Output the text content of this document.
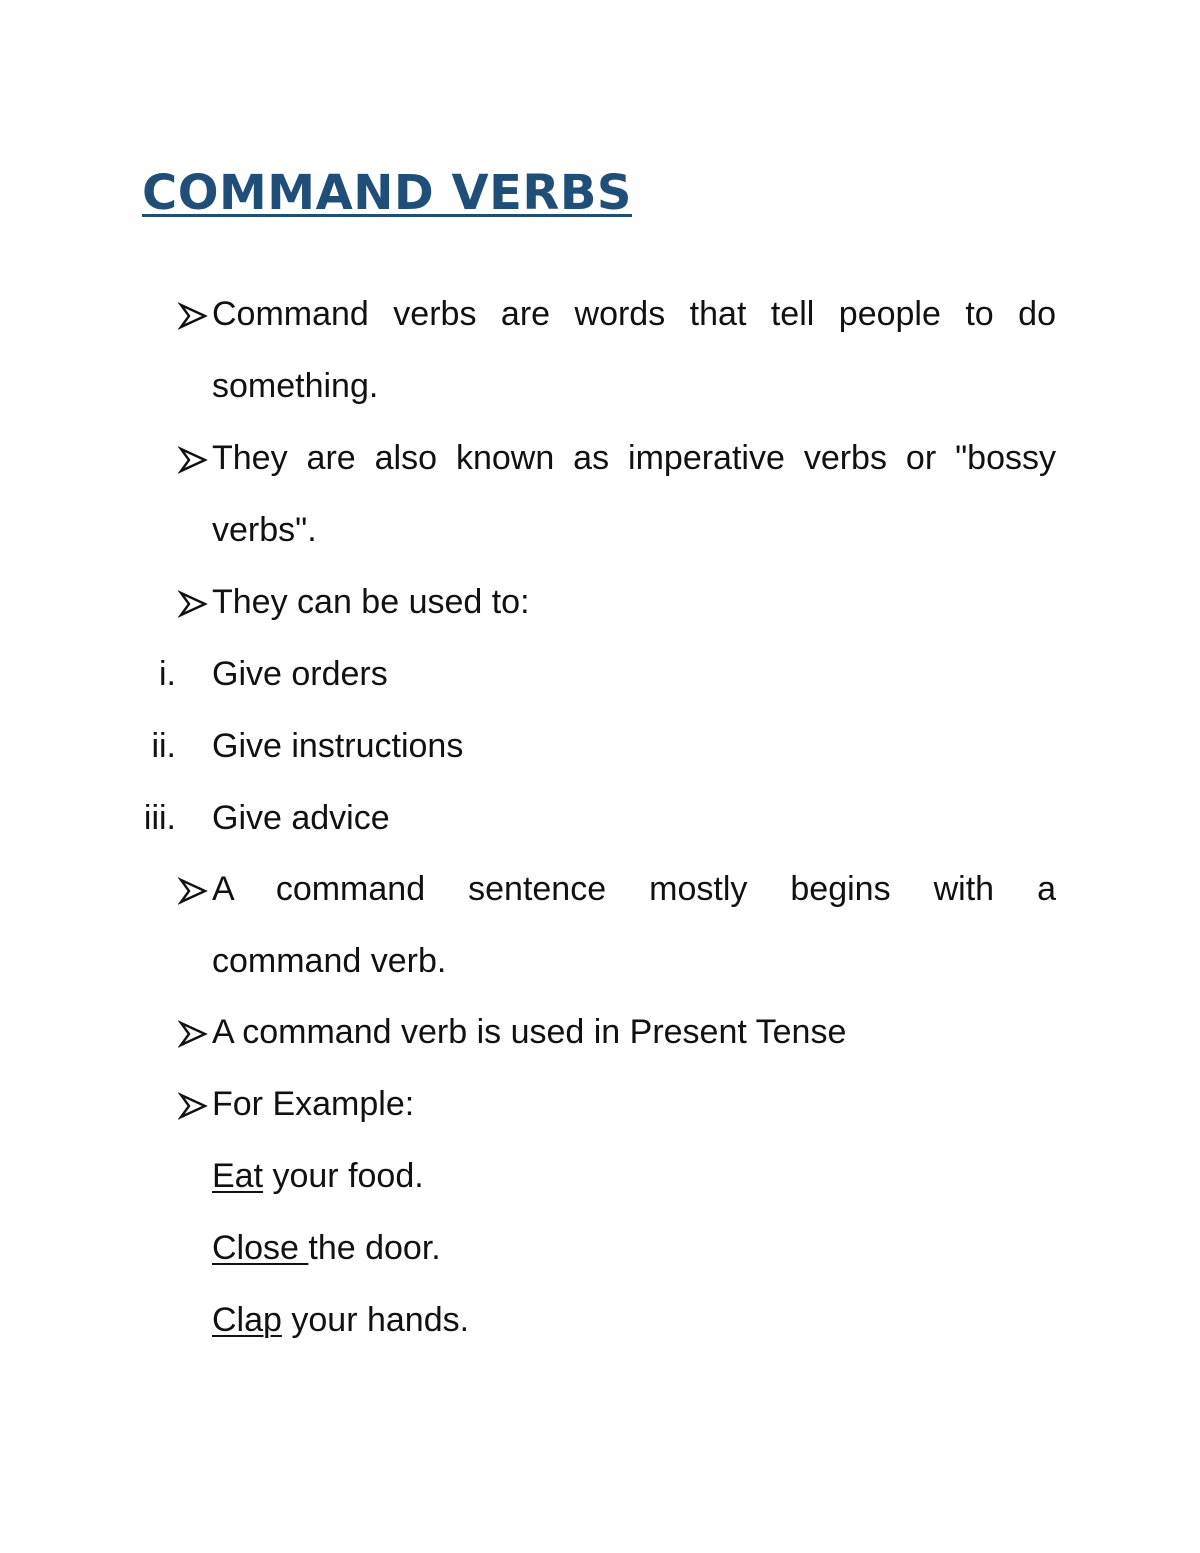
COMMAND VERBS

Command verbs are words that tell people to do

something.

They are also known as imperative verbs or "bossy

verbs".

They can be used to:

i. Give orders

ii. Give instructions

iii. Give advice

A command sentence mostly begins with a

command verb.

A command verb is used in Present Tense

For Example:

Eat your food.

Close the door.

Clap your hands.
